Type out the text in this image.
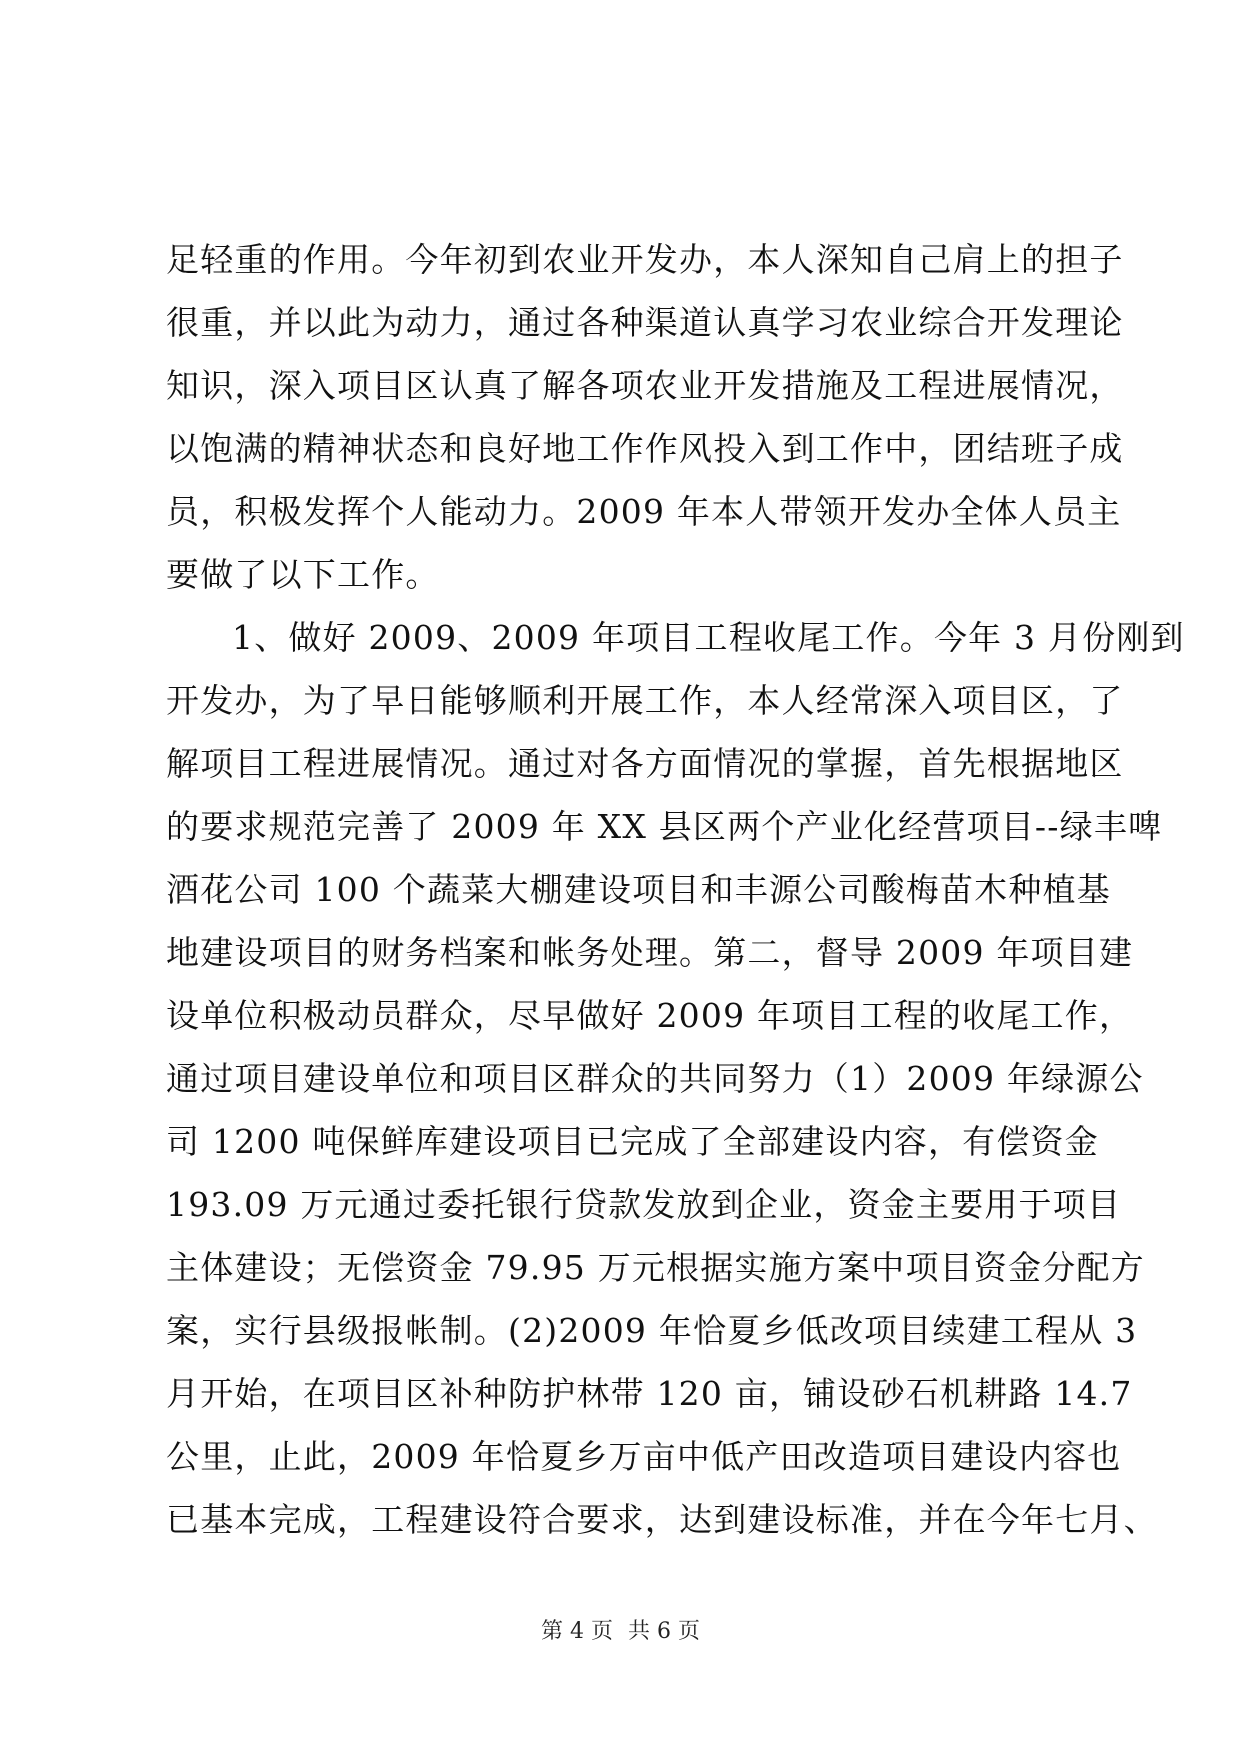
足轻重的作用。今年初到农业开发办，本人深知自己肩上的担子
很重，并以此为动力，通过各种渠道认真学习农业综合开发理论
知识，深入项目区认真了解各项农业开发措施及工程进展情况，
以饱满的精神状态和良好地工作作风投入到工作中，团结班子成
员，积极发挥个人能动力。2009 年本人带领开发办全体人员主
要做了以下工作。
1、做好 2009、2009 年项目工程收尾工作。今年 3 月份刚到
开发办，为了早日能够顺利开展工作，本人经常深入项目区，了
解项目工程进展情况。通过对各方面情况的掌握，首先根据地区
的要求规范完善了 2009 年 XX 县区两个产业化经营项目--绿丰啤
酒花公司 100 个蔬菜大棚建设项目和丰源公司酸梅苗木种植基
地建设项目的财务档案和帐务处理。第二，督导 2009 年项目建
设单位积极动员群众，尽早做好 2009 年项目工程的收尾工作，
通过项目建设单位和项目区群众的共同努力（1）2009 年绿源公
司 1200 吨保鲜库建设项目已完成了全部建设内容，有偿资金
193.09 万元通过委托银行贷款发放到企业，资金主要用于项目
主体建设；无偿资金 79.95 万元根据实施方案中项目资金分配方
案，实行县级报帐制。(2)2009 年恰夏乡低改项目续建工程从 3
月开始，在项目区补种防护林带 120 亩，铺设砂石机耕路 14.7
公里，止此，2009 年恰夏乡万亩中低产田改造项目建设内容也
已基本完成，工程建设符合要求，达到建设标准，并在今年七月、
第 4 页 共 6 页
